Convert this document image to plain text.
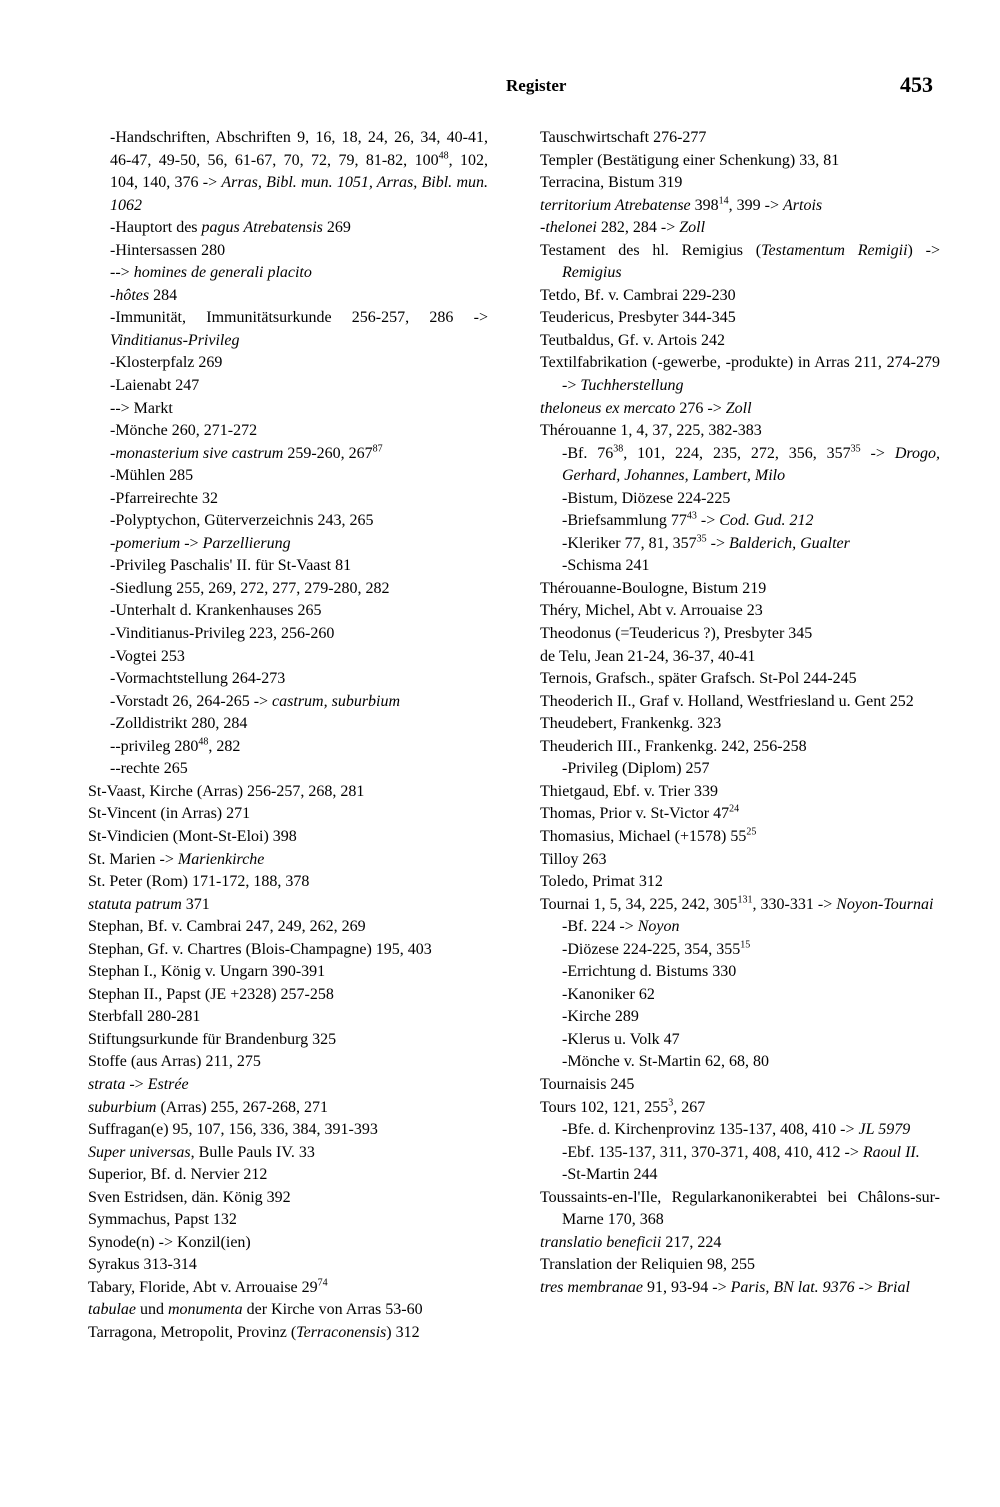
Register	453
-Handschriften, Abschriften 9, 16, 18, 24, 26, 34, 40-41, 46-47, 49-50, 56, 61-67, 70, 72, 79, 81-82, $100^{48}$, 102, 104, 140, 376 -> Arras, Bibl. mun. 1051, Arras, Bibl. mun. 1062
-Hauptort des pagus Atrebatensis 269
-Hintersassen 280
--> homines de generali placito
-hôtes 284
-Immunität, Immunitätsurkunde 256-257, 286 -> Vinditianus-Privileg
-Klosterpfalz 269
-Laienabt 247
--> Markt
-Mönche 260, 271-272
-monasterium sive castrum 259-260, $267^{87}$
-Mühlen 285
-Pfarreirechte 32
-Polyptychon, Güterverzeichnis 243, 265
-pomerium -> Parzellierung
-Privileg Paschalis' II. für St-Vaast 81
-Siedlung 255, 269, 272, 277, 279-280, 282
-Unterhalt d. Krankenhauses 265
-Vinditianus-Privileg 223, 256-260
-Vogtei 253
-Vormachtstellung 264-273
-Vorstadt 26, 264-265 -> castrum, suburbium
-Zolldistrikt 280, 284
--privileg $280^{48}$, 282
--rechte 265
St-Vaast, Kirche (Arras) 256-257, 268, 281
St-Vincent (in Arras) 271
St-Vindicien (Mont-St-Eloi) 398
St. Marien -> Marienkirche
St. Peter (Rom) 171-172, 188, 378
statuta patrum 371
Stephan, Bf. v. Cambrai 247, 249, 262, 269
Stephan, Gf. v. Chartres (Blois-Champagne) 195, 403
Stephan I., König v. Ungarn 390-391
Stephan II., Papst (JE +2328) 257-258
Sterbfall 280-281
Stiftungsurkunde für Brandenburg 325
Stoffe (aus Arras) 211, 275
strata -> Estrée
suburbium (Arras) 255, 267-268, 271
Suffragan(e) 95, 107, 156, 336, 384, 391-393
Super universas, Bulle Pauls IV. 33
Superior, Bf. d. Nervier 212
Sven Estridsen, dän. König 392
Symmachus, Papst 132
Synode(n) -> Konzil(ien)
Syrakus 313-314
Tabary, Floride, Abt v. Arrouaise $29^{74}$
tabulae und monumenta der Kirche von Arras 53-60
Tarragona, Metropolit, Provinz (Terraconensis) 312
Tauschwirtschaft 276-277
Templer (Bestätigung einer Schenkung) 33, 81
Terracina, Bistum 319
territorium Atrebatense $398^{14}$, 399 -> Artois
-thelonei 282, 284 -> Zoll
Testament des hl. Remigius (Testamentum Remigii) -> Remigius
Tetdo, Bf. v. Cambrai 229-230
Teudericus, Presbyter 344-345
Teutbaldus, Gf. v. Artois 242
Textilfabrikation (-gewerbe, -produkte) in Arras 211, 274-279 -> Tuchherstellung
theloneus ex mercato 276 -> Zoll
Thérouanne 1, 4, 37, 225, 382-383
-Bf. $76^{38}$, 101, 224, 235, 272, 356, $357^{35}$ -> Drogo, Gerhard, Johannes, Lambert, Milo
-Bistum, Diözese 224-225
-Briefsammlung $77^{43}$ -> Cod. Gud. 212
-Kleriker 77, 81, $357^{35}$ -> Balderich, Gualter
-Schisma 241
Thérouanne-Boulogne, Bistum 219
Théry, Michel, Abt v. Arrouaise 23
Theodonus (=Teudericus ?), Presbyter 345
de Telu, Jean 21-24, 36-37, 40-41
Ternois, Grafsch., später Grafsch. St-Pol 244-245
Theoderich II., Graf v. Holland, Westfriesland u. Gent 252
Theudebert, Frankenkg. 323
Theuderich III., Frankenkg. 242, 256-258
-Privileg (Diplom) 257
Thietgaud, Ebf. v. Trier 339
Thomas, Prior v. St-Victor $47^{24}$
Thomasius, Michael (+1578) $55^{25}$
Tilloy 263
Toledo, Primat 312
Tournai 1, 5, 34, 225, 242, $305^{131}$, 330-331 -> Noyon-Tournai
-Bf. 224 -> Noyon
-Diözese 224-225, 354, $355^{15}$
-Errichtung d. Bistums 330
-Kanoniker 62
-Kirche 289
-Klerus u. Volk 47
-Mönche v. St-Martin 62, 68, 80
Tournaisis 245
Tours 102, 121, $255^3$, 267
-Bfe. d. Kirchenprovinz 135-137, 408, 410 -> JL 5979
-Ebf. 135-137, 311, 370-371, 408, 410, 412 -> Raoul II.
-St-Martin 244
Toussaints-en-l'Ile, Regularkanonikerabtei bei Châlons-sur-Marne 170, 368
translatio beneficii 217, 224
Translation der Reliquien 98, 255
tres membranae 91, 93-94 -> Paris, BN lat. 9376 -> Brial
